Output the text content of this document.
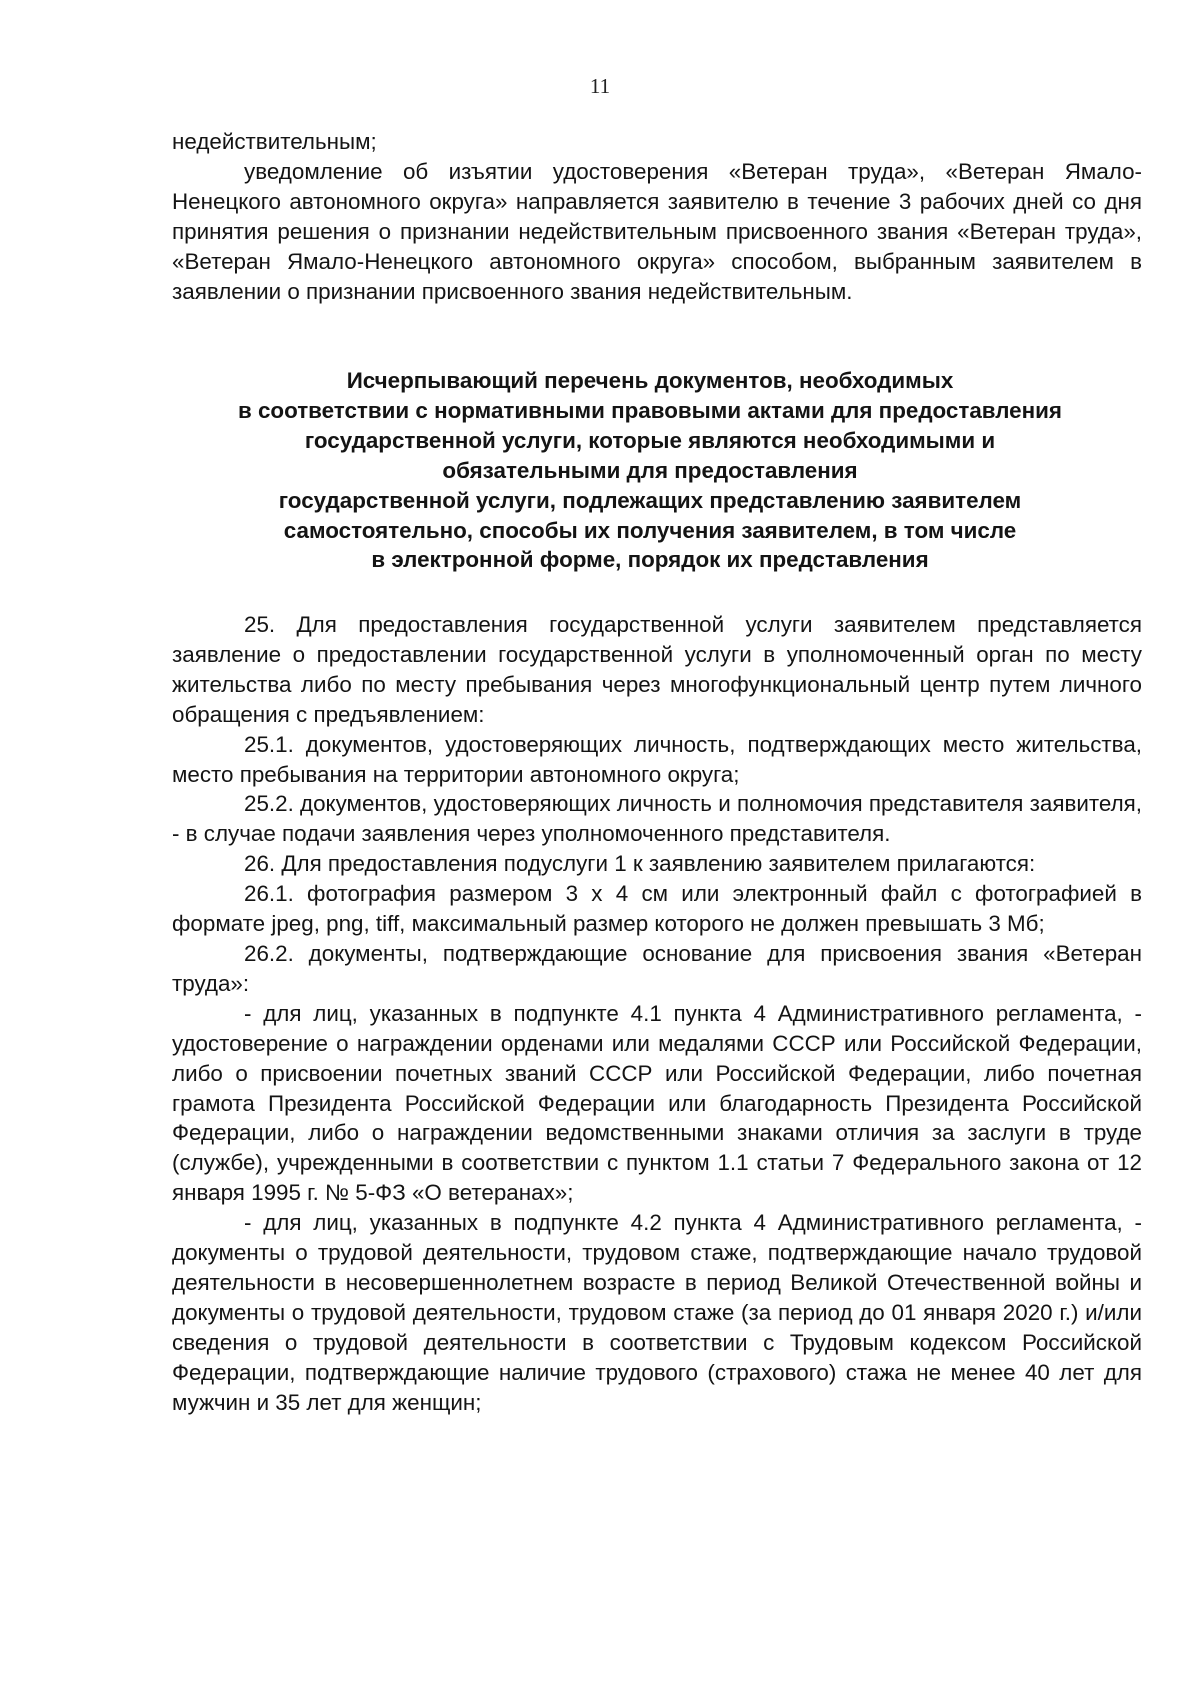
11

недействительным;

уведомление об изъятии удостоверения «Ветеран труда», «Ветеран Ямало-Ненецкого автономного округа» направляется заявителю в течение 3 рабочих дней со дня принятия решения о признании недействительным присвоенного звания «Ветеран труда», «Ветеран Ямало-Ненецкого автономного округа» способом, выбранным заявителем в заявлении о признании присвоенного звания недействительным.

Исчерпывающий перечень документов, необходимых
в соответствии с нормативными правовыми актами для предоставления
государственной услуги, которые являются необходимыми и
обязательными для предоставления
государственной услуги, подлежащих представлению заявителем
самостоятельно, способы их получения заявителем, в том числе
в электронной форме, порядок их представления

25. Для предоставления государственной услуги заявителем представляется заявление о предоставлении государственной услуги в уполномоченный орган по месту жительства либо по месту пребывания через многофункциональный центр путем личного обращения с предъявлением:

25.1. документов, удостоверяющих личность, подтверждающих место жительства, место пребывания на территории автономного округа;

25.2. документов, удостоверяющих личность и полномочия представителя заявителя, - в случае подачи заявления через уполномоченного представителя.

26. Для предоставления подуслуги 1 к заявлению заявителем прилагаются:

26.1. фотография размером 3 х 4 см или электронный файл с фотографией в формате jpeg, png, tiff, максимальный размер которого не должен превышать 3 Мб;

26.2. документы, подтверждающие основание для присвоения звания «Ветеран труда»:

- для лиц, указанных в подпункте 4.1 пункта 4 Административного регламента, - удостоверение о награждении орденами или медалями СССР или Российской Федерации, либо о присвоении почетных званий СССР или Российской Федерации, либо почетная грамота Президента Российской Федерации или благодарность Президента Российской Федерации, либо о награждении ведомственными знаками отличия за заслуги в труде (службе), учрежденными в соответствии с пунктом 1.1 статьи 7 Федерального закона от 12 января 1995 г. № 5-ФЗ «О ветеранах»;

- для лиц, указанных в подпункте 4.2 пункта 4 Административного регламента, - документы о трудовой деятельности, трудовом стаже, подтверждающие начало трудовой деятельности в несовершеннолетнем возрасте в период Великой Отечественной войны и документы о трудовой деятельности, трудовом стаже (за период до 01 января 2020 г.) и/или сведения о трудовой деятельности в соответствии с Трудовым кодексом Российской Федерации, подтверждающие наличие трудового (страхового) стажа не менее 40 лет для мужчин и 35 лет для женщин;
